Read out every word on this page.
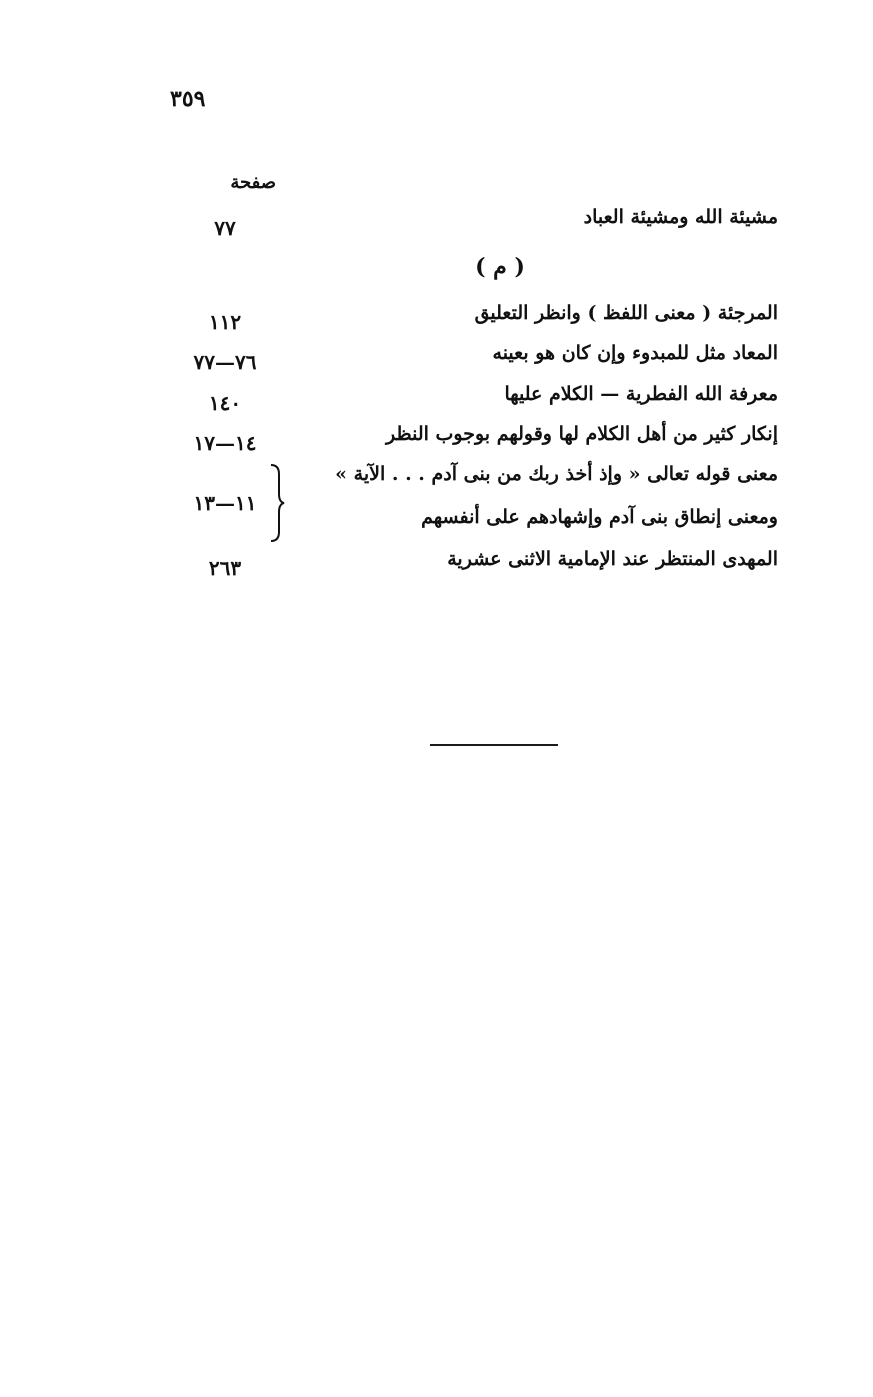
٣٥٩
صفحة
مشيئة الله ومشيئة العباد
٧٧
( م )
المرجئة ( معنى اللفظ ) وانظر التعليق
١١٢
المعاد مثل للمبدوء وإن كان هو بعينه
٧٦—٧٧
معرفة الله الفطرية — الكلام عليها
١٤٠
إنكار كثير من أهل الكلام لها وقولهم بوجوب النظر
١٤—١٧
معنى قوله تعالى « وإذ أخذ ربك من بنى آدم . . . الآية »
١١—١٣
ومعنى إنطاق بنى آدم وإشهادهم على أنفسهم
المهدى المنتظر عند الإمامية الاثنى عشرية
٢٦٣
